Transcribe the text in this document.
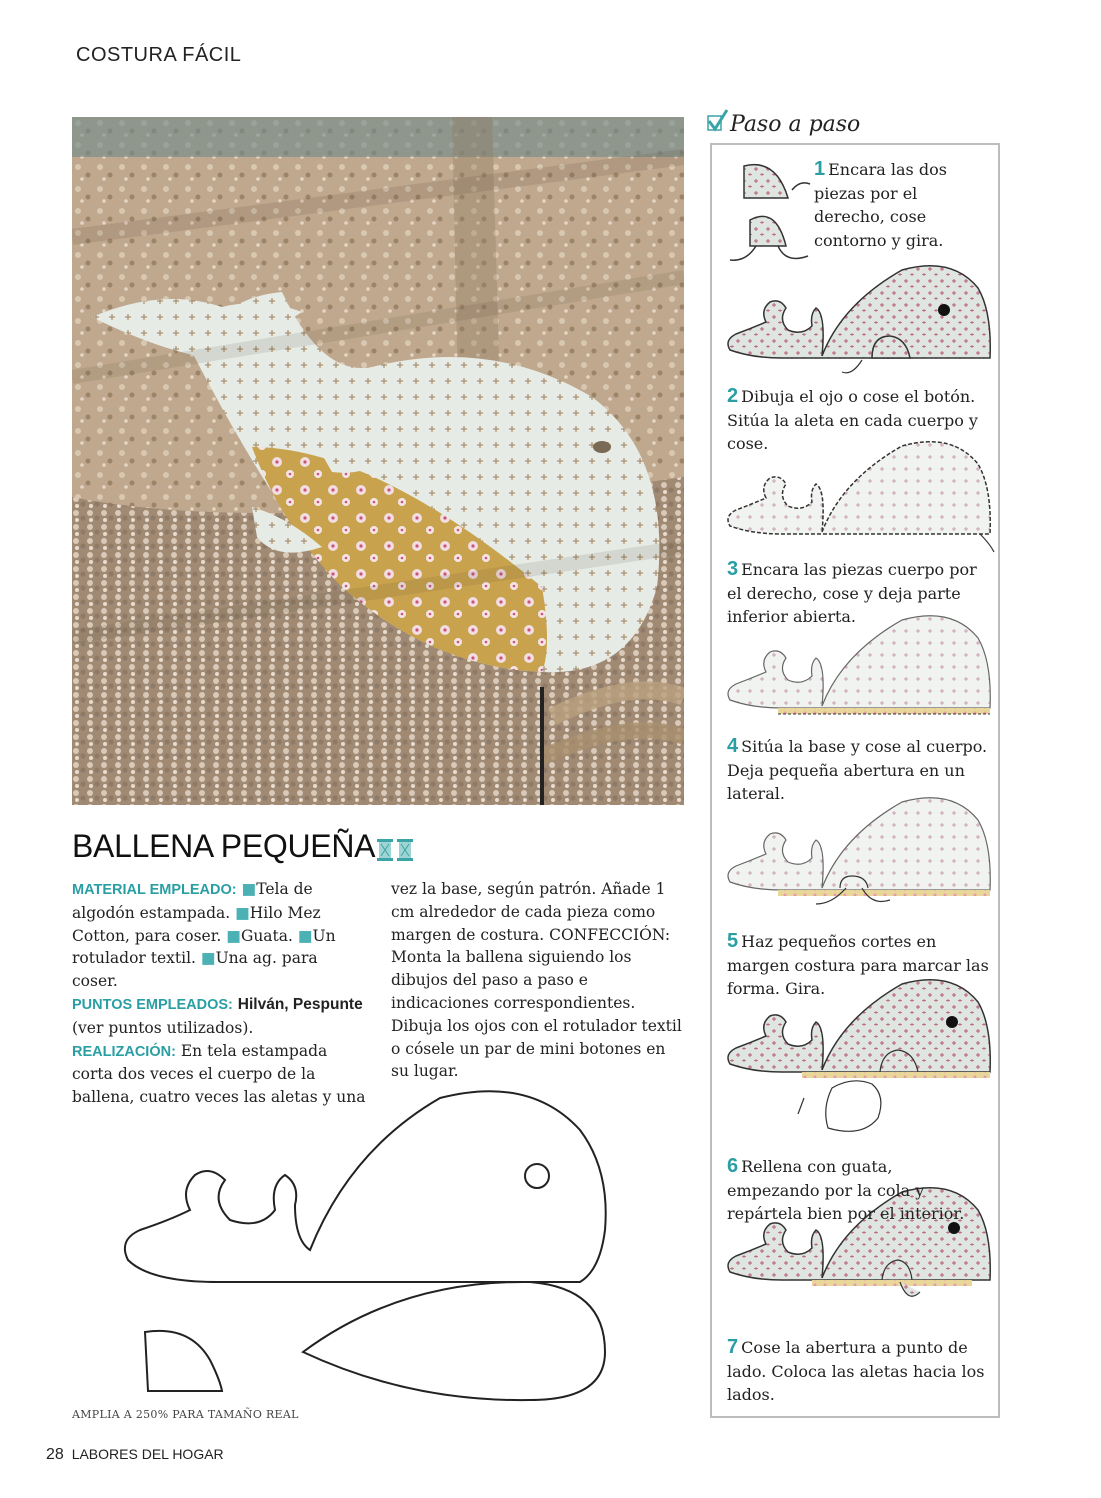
COSTURA FÁCIL
BALLENA PEQUEÑA
MATERIAL EMPLEADO: ■Tela de algodón estampada. ■Hilo Mez Cotton, para coser. ■Guata. ■Un rotulador textil. ■Una ag. para coser.
PUNTOS EMPLEADOS: Hilván, Pespunte (ver puntos utilizados).
REALIZACIÓN: En tela estampada corta dos veces el cuerpo de la ballena, cuatro veces las aletas y una
vez la base, según patrón. Añade 1 cm alrededor de cada pieza como margen de costura. CONFECCIÓN: Monta la ballena siguiendo los dibujos del paso a paso e indicaciones correspondientes. Dibuja los ojos con el rotulador textil o cósele un par de mini botones en su lugar.
AMPLIA A 250% PARA TAMAÑO REAL
28 LABORES DEL HOGAR
Paso a paso
1 Encara las dos piezas por el derecho, cose contorno y gira.
2 Dibuja el ojo o cose el botón. Sitúa la aleta en cada cuerpo y cose.
3 Encara las piezas cuerpo por el derecho, cose y deja parte inferior abierta.
4 Sitúa la base y cose al cuerpo. Deja pequeña abertura en un lateral.
5 Haz pequeños cortes en margen costura para marcar las forma. Gira.
6 Rellena con guata, empezando por la cola y repártela bien por el interior.
7 Cose la abertura a punto de lado. Coloca las aletas hacia los lados.
